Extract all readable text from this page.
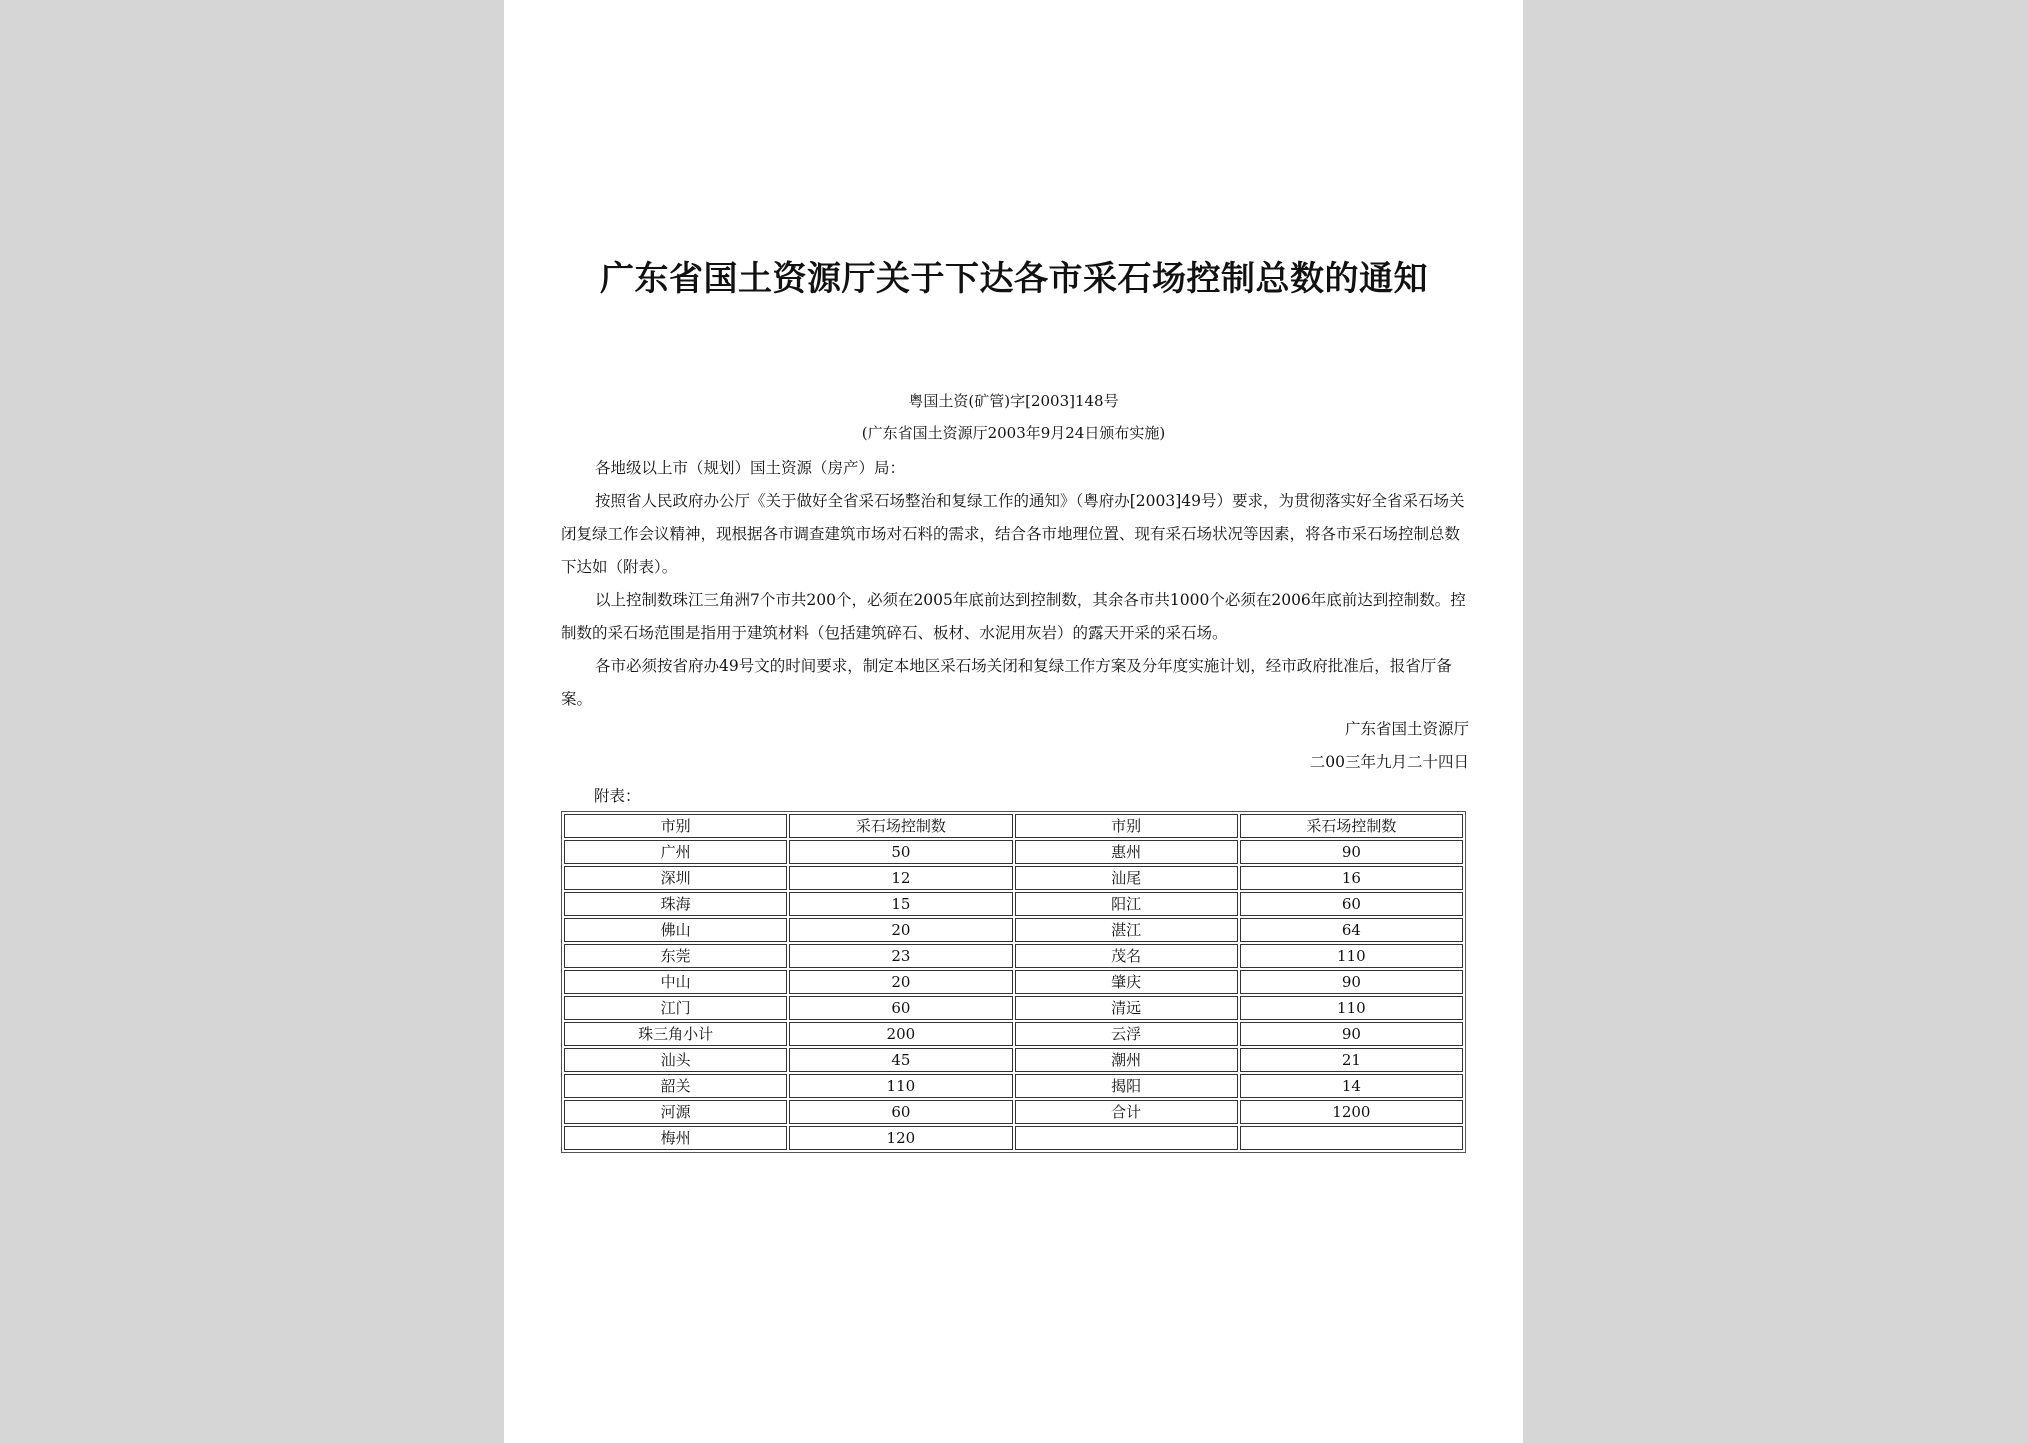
广东省国土资源厅关于下达各市采石场控制总数的通知
粤国土资(矿管)字[2003]148号
(广东省国土资源厅2003年9月24日颁布实施)

各地级以上市（规划）国土资源（房产）局：

按照省人民政府办公厅《关于做好全省采石场整治和复绿工作的通知》（粤府办[2003]49号）要求，为贯彻落实好全省采石场关闭复绿工作会议精神，现根据各市调查建筑市场对石料的需求，结合各市地理位置、现有采石场状况等因素，将各市采石场控制总数下达如（附表）。

以上控制数珠江三角洲7个市共200个，必须在2005年底前达到控制数，其余各市共1000个必须在2006年底前达到控制数。控制数的采石场范围是指用于建筑材料（包括建筑碎石、板材、水泥用灰岩）的露天开采的采石场。

各市必须按省府办49号文的时间要求，制定本地区采石场关闭和复绿工作方案及分年度实施计划，经市政府批准后，报省厅备案。

广东省国土资源厅
二00三年九月二十四日
附表：
市别	采石场控制数	市别	采石场控制数
广州	50	惠州	90
深圳	12	汕尾	16
珠海	15	阳江	60
佛山	20	湛江	64
东莞	23	茂名	110
中山	20	肇庆	90
江门	60	清远	110
珠三角小计	200	云浮	90
汕头	45	潮州	21
韶关	110	揭阳	14
河源	60	合计	1200
梅州	120		
